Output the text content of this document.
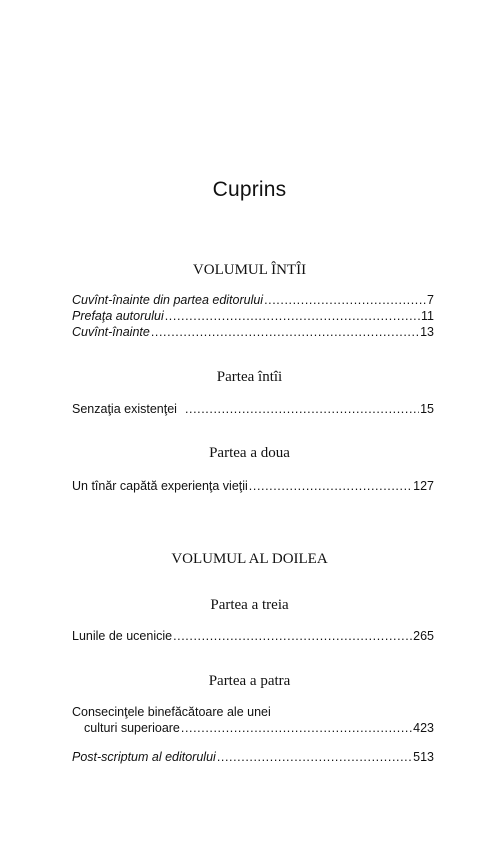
Cuprins
VOLUMUL ÎNTÎI
Cuvînt-înainte din partea editorului .....	7
Prefaţa autorului .....	11
Cuvînt-înainte .....	13
Partea întîi
Senzaţia existenţei .....	15
Partea a doua
Un tînăr capătă experienţa vieţii .....	127
VOLUMUL AL DOILEA
Partea a treia
Lunile de ucenicie .....	265
Partea a patra
Consecinţele binefăcătoare ale unei
culturi superioare .....	423
Post-scriptum al editorului .....	513
